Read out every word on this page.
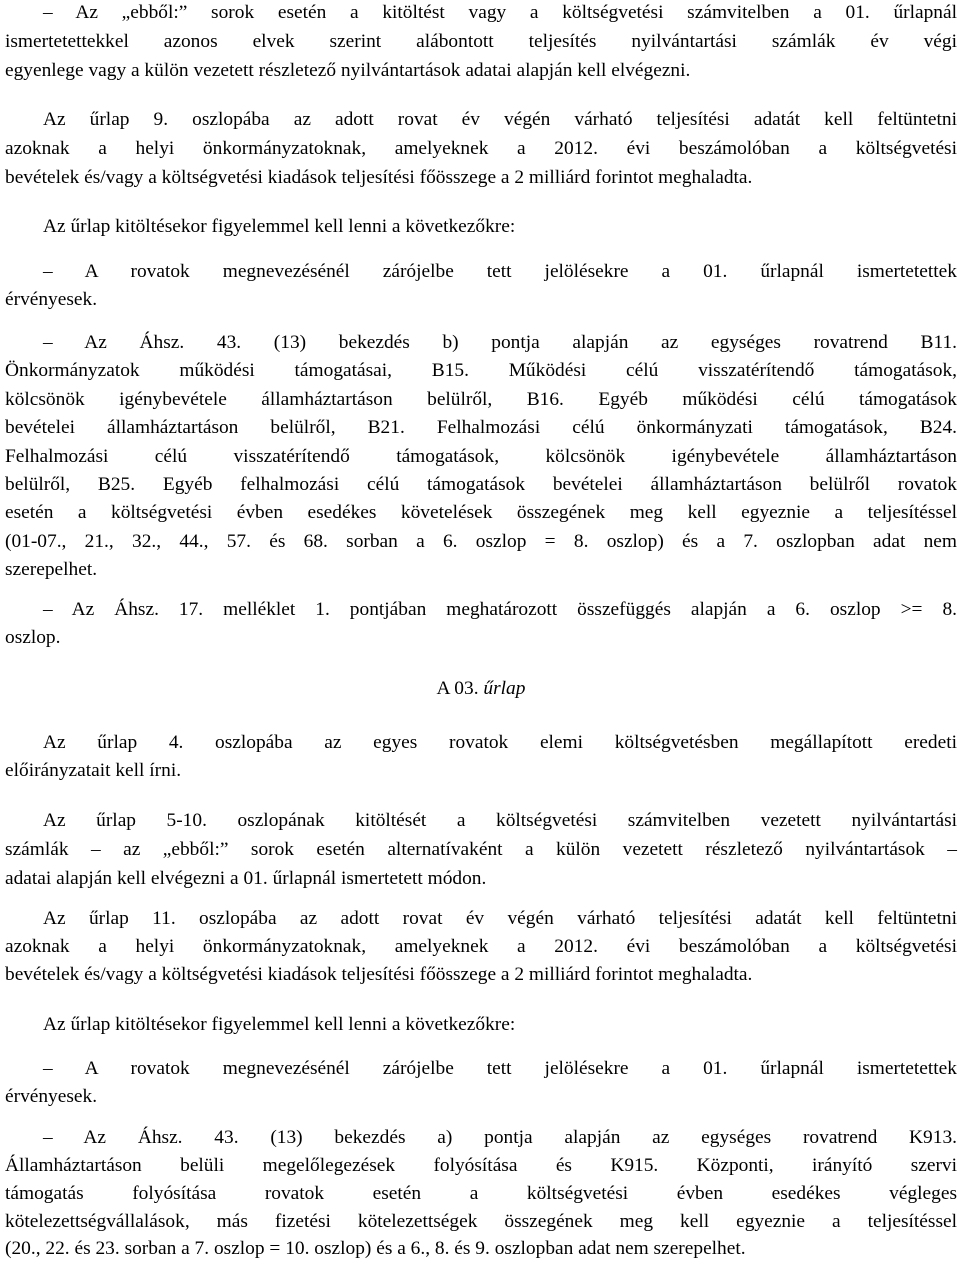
– Az „ebből:” sorok esetén a kitöltést vagy a költségvetési számvitelben a 01. űrlapnál
ismertetettekkel azonos elvek szerint alábontott teljesítés nyilvántartási számlák év végi
egyenlege vagy a külön vezetett részletező nyilvántartások adatai alapján kell elvégezni.
Az űrlap 9. oszlopába az adott rovat év végén várható teljesítési adatát kell feltüntetni
azoknak a helyi önkormányzatoknak, amelyeknek a 2012. évi beszámolóban a költségvetési
bevételek és/vagy a költségvetési kiadások teljesítési főösszege a 2 milliárd forintot meghaladta.
Az űrlap kitöltésekor figyelemmel kell lenni a következőkre:
– A rovatok megnevezésénél zárójelbe tett jelölésekre a 01. űrlapnál ismertetettek
érvényesek.
– Az Áhsz. 43. (13) bekezdés b) pontja alapján az egységes rovatrend B11.
Önkormányzatok működési támogatásai, B15. Működési célú visszatérítendő támogatások,
kölcsönök igénybevétele államháztartáson belülről, B16. Egyéb működési célú támogatások
bevételei államháztartáson belülről, B21. Felhalmozási célú önkormányzati támogatások, B24.
Felhalmozási célú visszatérítendő támogatások, kölcsönök igénybevétele államháztartáson
belülről, B25. Egyéb felhalmozási célú támogatások bevételei államháztartáson belülről rovatok
esetén a költségvetési évben esedékes követelések összegének meg kell egyeznie a teljesítéssel
(01-07., 21., 32., 44., 57. és 68. sorban a 6. oszlop = 8. oszlop) és a 7. oszlopban adat nem
szerepelhet.
– Az Áhsz. 17. melléklet 1. pontjában meghatározott összefüggés alapján a 6. oszlop >= 8.
oszlop.
A 03. űrlap
Az űrlap 4. oszlopába az egyes rovatok elemi költségvetésben megállapított eredeti
előirányzatait kell írni.
Az űrlap 5-10. oszlopának kitöltését a költségvetési számvitelben vezetett nyilvántartási
számlák – az „ebből:” sorok esetén alternatívaként a külön vezetett részletező nyilvántartások –
adatai alapján kell elvégezni a 01. űrlapnál ismertetett módon.
Az űrlap 11. oszlopába az adott rovat év végén várható teljesítési adatát kell feltüntetni
azoknak a helyi önkormányzatoknak, amelyeknek a 2012. évi beszámolóban a költségvetési
bevételek és/vagy a költségvetési kiadások teljesítési főösszege a 2 milliárd forintot meghaladta.
Az űrlap kitöltésekor figyelemmel kell lenni a következőkre:
– A rovatok megnevezésénél zárójelbe tett jelölésekre a 01. űrlapnál ismertetettek
érvényesek.
– Az Áhsz. 43. (13) bekezdés a) pontja alapján az egységes rovatrend K913.
Államháztartáson belüli megelőlegezések folyósítása és K915. Központi, irányító szervi
támogatás folyósítása rovatok esetén a költségvetési évben esedékes végleges
kötelezettségvállalások, más fizetési kötelezettségek összegének meg kell egyeznie a teljesítéssel
(20., 22. és 23. sorban a 7. oszlop = 10. oszlop) és a 6., 8. és 9. oszlopban adat nem szerepelhet.
